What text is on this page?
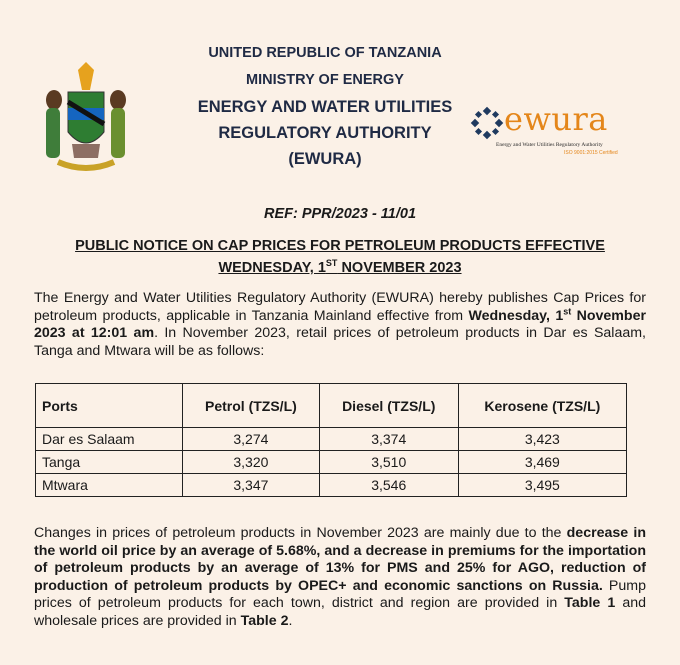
UNITED REPUBLIC OF TANZANIA
MINISTRY OF ENERGY
ENERGY AND WATER UTILITIES
REGULATORY AUTHORITY
(EWURA)
ewura
Energy and Water Utilities Regulatory Authority
ISO 9001:2015 Certified
REF: PPR/2023 - 11/01
PUBLIC NOTICE ON CAP PRICES FOR PETROLEUM PRODUCTS EFFECTIVE
WEDNESDAY, 1ST NOVEMBER 2023
The Energy and Water Utilities Regulatory Authority (EWURA) hereby publishes Cap Prices for petroleum products, applicable in Tanzania Mainland effective from Wednesday, 1st November 2023 at 12:01 am. In November 2023, retail prices of petroleum products in Dar es Salaam, Tanga and Mtwara will be as follows:
Ports	Petrol (TZS/L)	Diesel (TZS/L)	Kerosene (TZS/L)
Dar es Salaam	3,274	3,374	3,423
Tanga	3,320	3,510	3,469
Mtwara	3,347	3,546	3,495
Changes in prices of petroleum products in November 2023 are mainly due to the decrease in the world oil price by an average of 5.68%, and a decrease in premiums for the importation of petroleum products by an average of 13% for PMS and 25% for AGO, reduction of production of petroleum products by OPEC+ and economic sanctions on Russia. Pump prices of petroleum products for each town, district and region are provided in Table 1 and wholesale prices are provided in Table 2.
